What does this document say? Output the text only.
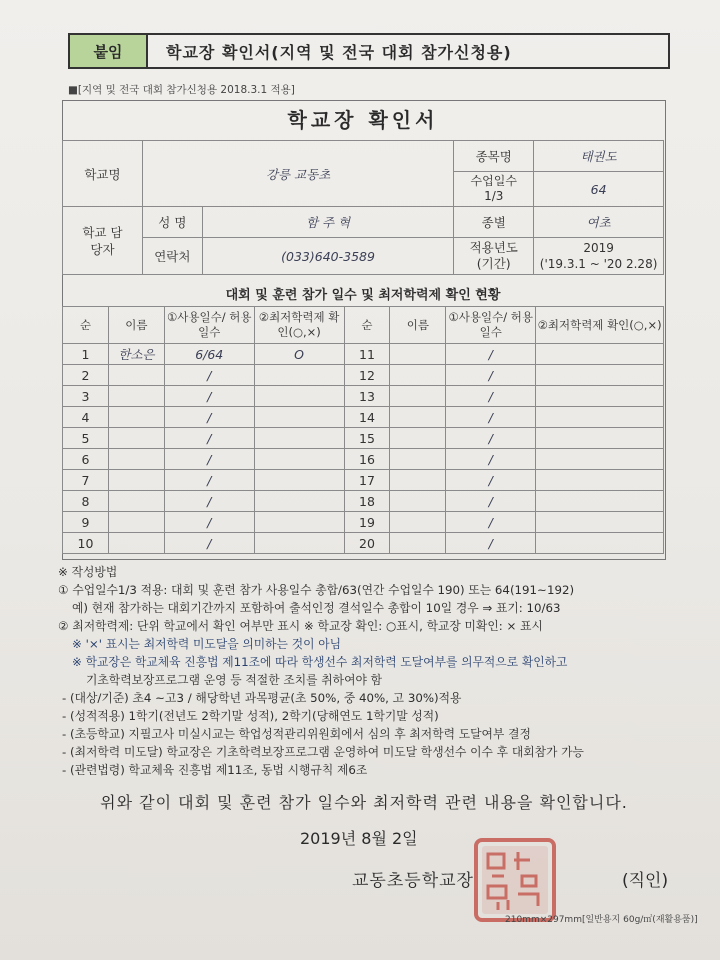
붙임	학교장 확인서(지역 및 전국 대회 참가신청용)
■[지역 및 전국 대회 참가신청용 2018.3.1 적용]
학교장 확인서
학교명	강릉 교동초		종목명	태권도
			수업일수 1/3	64
학교 담당자	성 명	함 주 혁	종별	여초
	연락처	(033)640-3589	적용년도 (기간)	2019
('19.3.1 ~ '20 2.28)
대회 및 훈련 참가 일수 및 최저학력제 확인 현황
순	이름	①사용일수/ 허용일수	②최저학력제 확인(○,×)	순	이름	①사용일수/ 허용일수	②최저학력제 확인(○,×)
1	한소은	6/64	O	11		/	
2		/		12		/	
3		/		13		/	
4		/		14		/	
5		/		15		/	
6		/		16		/	
7		/		17		/	
8		/		18		/	
9		/		19		/	
10		/		20		/	
※ 작성방법
① 수업일수1/3 적용: 대회 및 훈련 참가 사용일수 총합/63(연간 수업일수 190) 또는 64(191~192)
예) 현재 참가하는 대회기간까지 포함하여 출석인정 결석일수 총합이 10일 경우 ⇒ 표기: 10/63
② 최저학력제: 단위 학교에서 확인 여부만 표시 ※ 학교장 확인: ○표시, 학교장 미확인: × 표시
※ '×' 표시는 최저학력 미도달을 의미하는 것이 아님
※ 학교장은 학교체육 진흥법 제11조에 따라 학생선수 최저학력 도달여부를 의무적으로 확인하고
기초학력보장프로그램 운영 등 적절한 조치를 취하여야 함
- (대상/기준) 초4 ~고3 / 해당학년 과목평균(초 50%, 중 40%, 고 30%)적용
- (성적적용) 1학기(전년도 2학기말 성적), 2학기(당해연도 1학기말 성적)
- (초등학교) 지필고사 미실시교는 학업성적관리위원회에서 심의 후 최저학력 도달여부 결정
- (최저학력 미도달) 학교장은 기초학력보장프로그램 운영하여 미도달 학생선수 이수 후 대회참가 가능
- (관련법령) 학교체육 진흥법 제11조, 동법 시행규칙 제6조
위와 같이 대회 및 훈련 참가 일수와 최저학력 관련 내용을 확인합니다.
2019년 8월 2일
교동초등학교장	(직인)
210mm×297mm[일반용지 60g/㎡(재활용품)]
